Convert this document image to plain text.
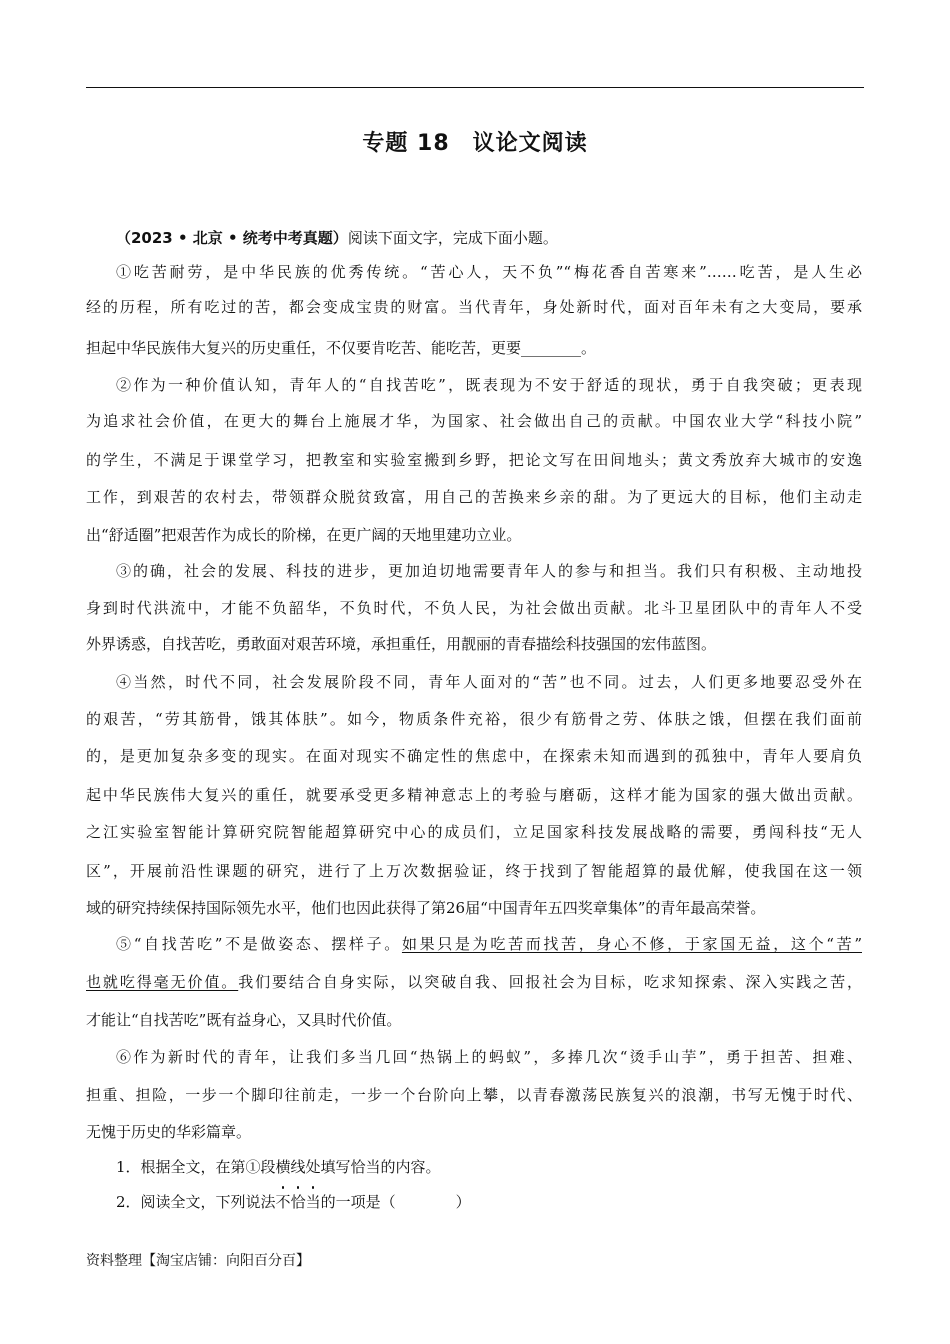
专题 18　议论文阅读
（2023 • 北京 • 统考中考真题）阅读下面文字，完成下面小题。
①吃苦耐劳，是中华民族的优秀传统。“苦心人，天不负”“梅花香自苦寒来”……吃苦，是人生必
经的历程，所有吃过的苦，都会变成宝贵的财富。当代青年，身处新时代，面对百年未有之大变局，要承
担起中华民族伟大复兴的历史重任，不仅要肯吃苦、能吃苦，更要________。
②作为一种价值认知，青年人的“自找苦吃”，既表现为不安于舒适的现状，勇于自我突破；更表现
为追求社会价值，在更大的舞台上施展才华，为国家、社会做出自己的贡献。中国农业大学“科技小院”
的学生，不满足于课堂学习，把教室和实验室搬到乡野，把论文写在田间地头；黄文秀放弃大城市的安逸
工作，到艰苦的农村去，带领群众脱贫致富，用自己的苦换来乡亲的甜。为了更远大的目标，他们主动走
出“舒适圈”把艰苦作为成长的阶梯，在更广阔的天地里建功立业。
③的确，社会的发展、科技的进步，更加迫切地需要青年人的参与和担当。我们只有积极、主动地投
身到时代洪流中，才能不负韶华，不负时代，不负人民，为社会做出贡献。北斗卫星团队中的青年人不受
外界诱惑，自找苦吃，勇敢面对艰苦环境，承担重任，用靓丽的青春描绘科技强国的宏伟蓝图。
④当然，时代不同，社会发展阶段不同，青年人面对的“苦”也不同。过去，人们更多地要忍受外在
的艰苦，“劳其筋骨，饿其体肤”。如今，物质条件充裕，很少有筋骨之劳、体肤之饿，但摆在我们面前
的，是更加复杂多变的现实。在面对现实不确定性的焦虑中，在探索未知而遇到的孤独中，青年人要肩负
起中华民族伟大复兴的重任，就要承受更多精神意志上的考验与磨砺，这样才能为国家的强大做出贡献。
之江实验室智能计算研究院智能超算研究中心的成员们，立足国家科技发展战略的需要，勇闯科技“无人
区”，开展前沿性课题的研究，进行了上万次数据验证，终于找到了智能超算的最优解，使我国在这一领
域的研究持续保持国际领先水平，他们也因此获得了第26届“中国青年五四奖章集体”的青年最高荣誉。
⑤“自找苦吃”不是做姿态、摆样子。如果只是为吃苦而找苦，身心不修，于家国无益，这个“苦”
也就吃得毫无价值。我们要结合自身实际，以突破自我、回报社会为目标，吃求知探索、深入实践之苦，
才能让“自找苦吃”既有益身心，又具时代价值。
⑥作为新时代的青年，让我们多当几回“热锅上的蚂蚁”，多捧几次“烫手山芋”，勇于担苦、担难、
担重、担险，一步一个脚印往前走，一步一个台阶向上攀，以青春激荡民族复兴的浪潮，书写无愧于时代、
无愧于历史的华彩篇章。
1．根据全文，在第①段横线处填写恰当的内容。
2．阅读全文，下列说法不恰当的一项是（　　　　）
资料整理【淘宝店铺：向阳百分百】
